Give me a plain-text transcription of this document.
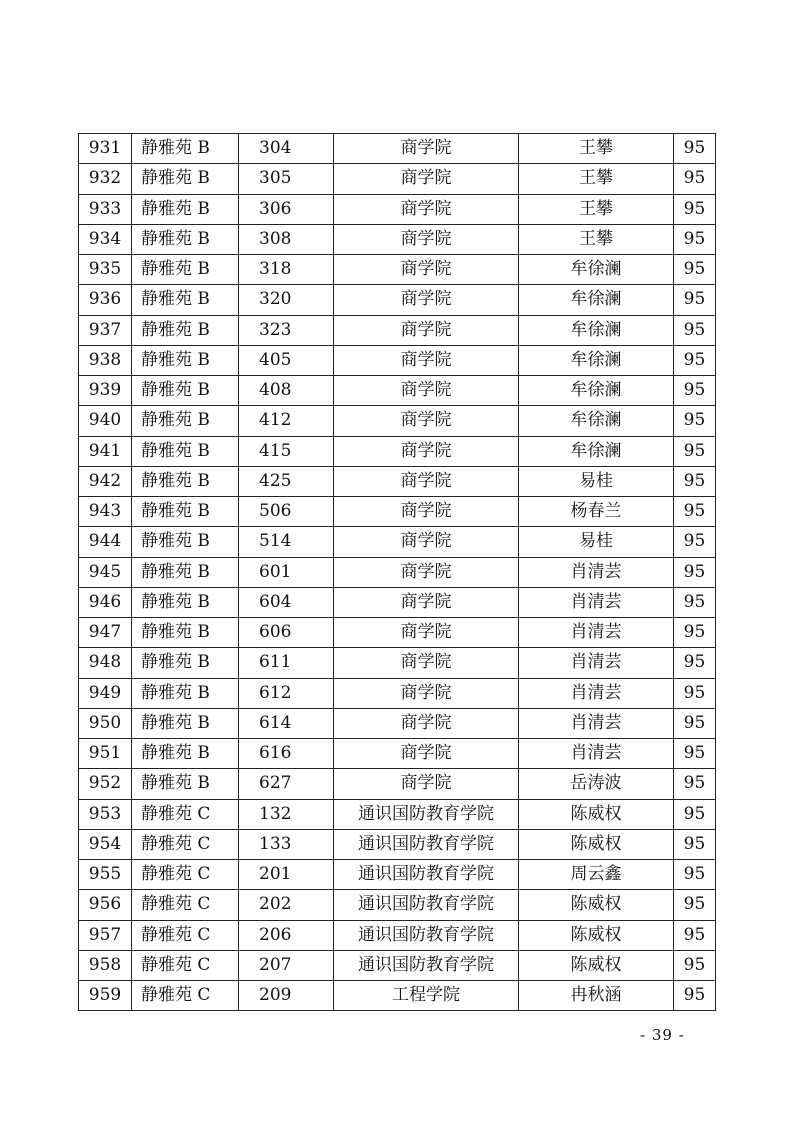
931	静雅苑 B	304	商学院	王攀	95
932	静雅苑 B	305	商学院	王攀	95
933	静雅苑 B	306	商学院	王攀	95
934	静雅苑 B	308	商学院	王攀	95
935	静雅苑 B	318	商学院	牟徐澜	95
936	静雅苑 B	320	商学院	牟徐澜	95
937	静雅苑 B	323	商学院	牟徐澜	95
938	静雅苑 B	405	商学院	牟徐澜	95
939	静雅苑 B	408	商学院	牟徐澜	95
940	静雅苑 B	412	商学院	牟徐澜	95
941	静雅苑 B	415	商学院	牟徐澜	95
942	静雅苑 B	425	商学院	易桂	95
943	静雅苑 B	506	商学院	杨春兰	95
944	静雅苑 B	514	商学院	易桂	95
945	静雅苑 B	601	商学院	肖清芸	95
946	静雅苑 B	604	商学院	肖清芸	95
947	静雅苑 B	606	商学院	肖清芸	95
948	静雅苑 B	611	商学院	肖清芸	95
949	静雅苑 B	612	商学院	肖清芸	95
950	静雅苑 B	614	商学院	肖清芸	95
951	静雅苑 B	616	商学院	肖清芸	95
952	静雅苑 B	627	商学院	岳涛波	95
953	静雅苑 C	132	通识国防教育学院	陈威权	95
954	静雅苑 C	133	通识国防教育学院	陈威权	95
955	静雅苑 C	201	通识国防教育学院	周云鑫	95
956	静雅苑 C	202	通识国防教育学院	陈威权	95
957	静雅苑 C	206	通识国防教育学院	陈威权	95
958	静雅苑 C	207	通识国防教育学院	陈威权	95
959	静雅苑 C	209	工程学院	冉秋涵	95
- 39 -
